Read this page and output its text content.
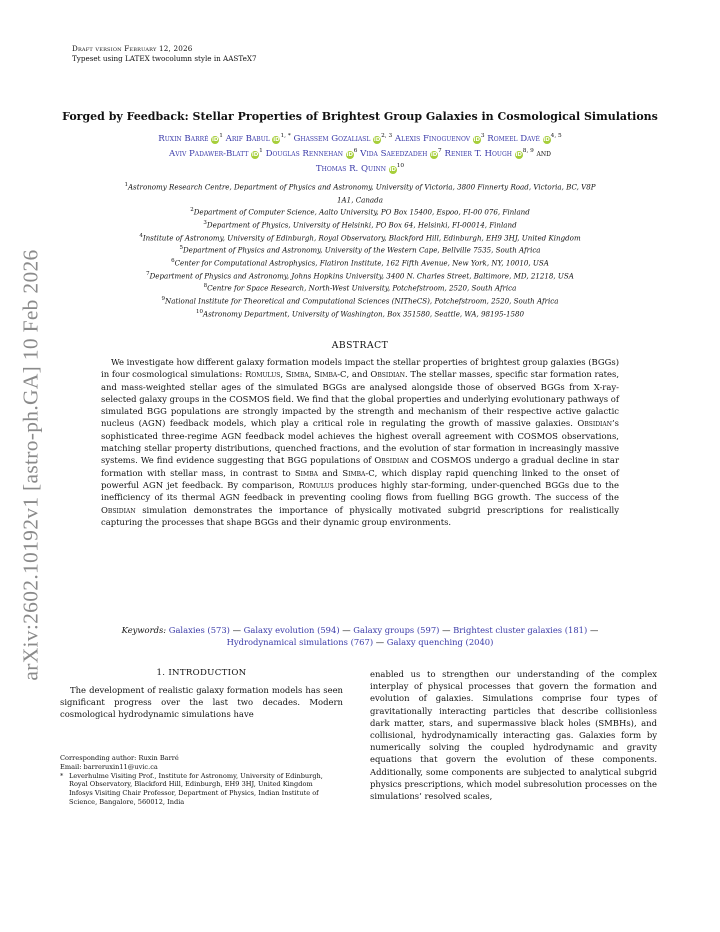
Draft version February 12, 2026
Typeset using LATEX twocolumn style in AASTeX7
arXiv:2602.10192v1 [astro-ph.GA] 10 Feb 2026
Forged by Feedback: Stellar Properties of Brightest Group Galaxies in Cosmological Simulations
Ruxin Barré $iD^1$ Arif Babul $iD^{1, *}$ Ghassem Gozaliasl iD$^{2, 3}$ Alexis Finoguenov $iD^3$ Romeel Davé iD$^{4, 5}$
Aviv Padawer-Blatt $iD^1$ Douglas Rennehan $iD^6$ Vida Saeedzadeh $iD^7$ Renier T. Hough iD$^{8, 9}$ and
Thomas R. Quinn $iD^{10}$
$^1$Astronomy Research Centre, Department of Physics and Astronomy, University of Victoria, 3800 Finnerty Road, Victoria, BC, V8P
1A1, Canada
$^2$Department of Computer Science, Aalto University, PO Box 15400, Espoo, FI-00 076, Finland
$^3$Department of Physics, University of Helsinki, PO Box 64, Helsinki, FI-00014, Finland
$^4$Institute of Astronomy, University of Edinburgh, Royal Observatory, Blackford Hill, Edinburgh, EH9 3HJ, United Kingdom
$^5$Department of Physics and Astronomy, University of the Western Cape, Bellville 7535, South Africa
$^6$Center for Computational Astrophysics, Flatiron Institute, 162 Fifth Avenue, New York, NY, 10010, USA
$^7$Department of Physics and Astronomy, Johns Hopkins University, 3400 N. Charles Street, Baltimore, MD, 21218, USA
$^8$Centre for Space Research, North-West University, Potchefstroom, 2520, South Africa
$^9$National Institute for Theoretical and Computational Sciences (NITheCS), Potchefstroom, 2520, South Africa
$^{10}$Astronomy Department, University of Washington, Box 351580, Seattle, WA, 98195-1580
ABSTRACT
We investigate how different galaxy formation models impact the stellar properties of brightest group galaxies (BGGs) in four cosmological simulations: Romulus, Simba, Simba-C, and Obsidian. The stellar masses, specific star formation rates, and mass-weighted stellar ages of the simulated BGGs are analysed alongside those of observed BGGs from X-ray-selected galaxy groups in the COSMOS field. We find that the global properties and underlying evolutionary pathways of simulated BGG populations are strongly impacted by the strength and mechanism of their respective active galactic nucleus (AGN) feedback models, which play a critical role in regulating the growth of massive galaxies. Obsidian’s sophisticated three-regime AGN feedback model achieves the highest overall agreement with COSMOS observations, matching stellar property distributions, quenched fractions, and the evolution of star formation in increasingly massive systems. We find evidence suggesting that BGG populations of Obsidian and COSMOS undergo a gradual decline in star formation with stellar mass, in contrast to Simba and Simba-C, which display rapid quenching linked to the onset of powerful AGN jet feedback. By comparison, Romulus produces highly star-forming, under-quenched BGGs due to the inefficiency of its thermal AGN feedback in preventing cooling flows from fuelling BGG growth. The success of the Obsidian simulation demonstrates the importance of physically motivated subgrid prescriptions for realistically capturing the processes that shape BGGs and their dynamic group environments.
Keywords: Galaxies (573) — Galaxy evolution (594) — Galaxy groups (597) — Brightest cluster galaxies (181) — Hydrodynamical simulations (767) — Galaxy quenching (2040)
1. INTRODUCTION
The development of realistic galaxy formation models has seen significant progress over the last two decades. Modern cosmological hydrodynamic simulations have
Corresponding author: Ruxin Barré
Email: barreruxin11@uvic.ca
* Leverhulme Visiting Prof., Institute for Astronomy, University of Edinburgh, Royal Observatory, Blackford Hill, Edinburgh, EH9 3HJ, United Kingdom
Infosys Visiting Chair Professor, Department of Physics, Indian Institute of Science, Bangalore, 560012, India
enabled us to strengthen our understanding of the complex interplay of physical processes that govern the formation and evolution of galaxies. Simulations comprise four types of gravitationally interacting particles that describe collisionless dark matter, stars, and supermassive black holes (SMBHs), and collisional, hydrodynamically interacting gas. Galaxies form by numerically solving the coupled hydrodynamic and gravity equations that govern the evolution of these components. Additionally, some components are subjected to analytical subgrid physics prescriptions, which model subresolution processes on the simulations’ resolved scales,
